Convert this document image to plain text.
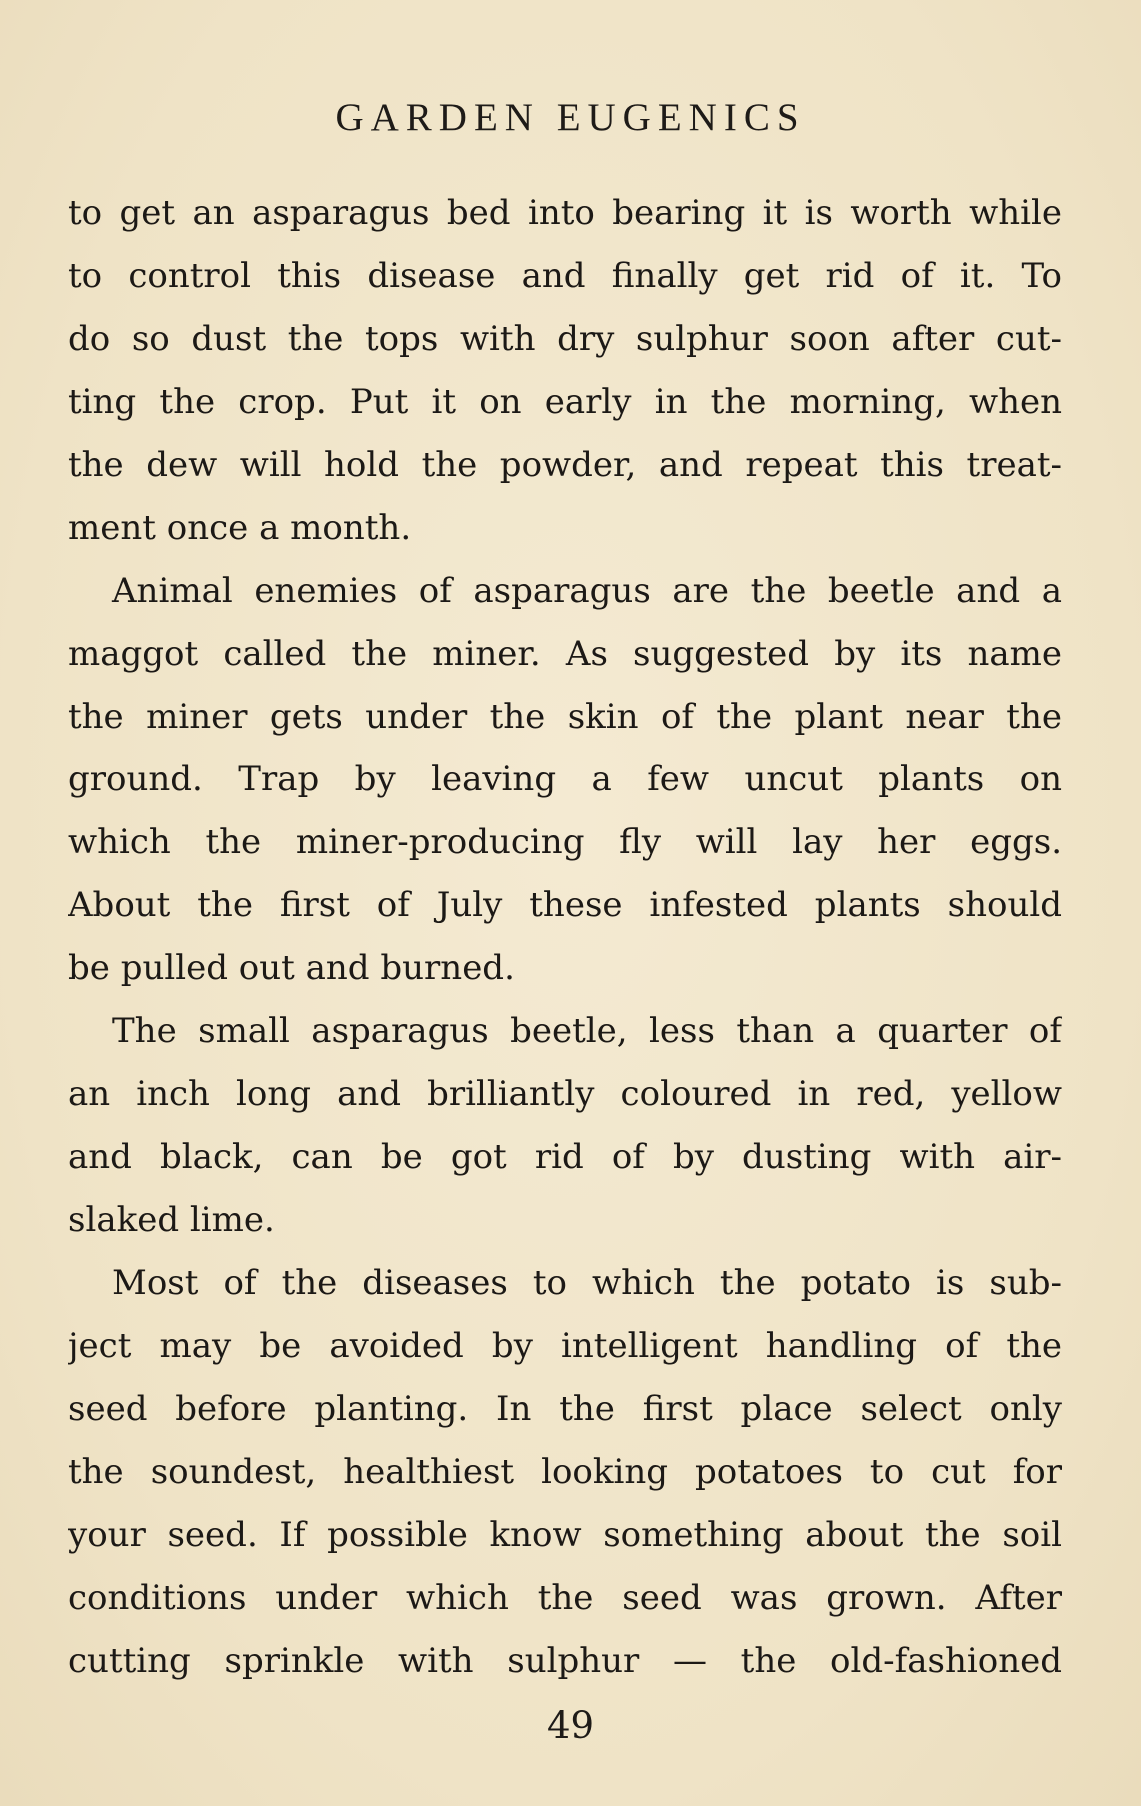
GARDEN EUGENICS
to get an asparagus bed into bearing it is worth while
to control this disease and finally get rid of it. To
do so dust the tops with dry sulphur soon after cut-
ting the crop. Put it on early in the morning, when
the dew will hold the powder, and repeat this treat-
ment once a month.
Animal enemies of asparagus are the beetle and a
maggot called the miner. As suggested by its name
the miner gets under the skin of the plant near the
ground. Trap by leaving a few uncut plants on
which the miner-producing fly will lay her eggs.
About the first of July these infested plants should
be pulled out and burned.
The small asparagus beetle, less than a quarter of
an inch long and brilliantly coloured in red, yellow
and black, can be got rid of by dusting with air-
slaked lime.
Most of the diseases to which the potato is sub-
ject may be avoided by intelligent handling of the
seed before planting. In the first place select only
the soundest, healthiest looking potatoes to cut for
your seed. If possible know something about the soil
conditions under which the seed was grown. After
cutting sprinkle with sulphur — the old-fashioned
49
